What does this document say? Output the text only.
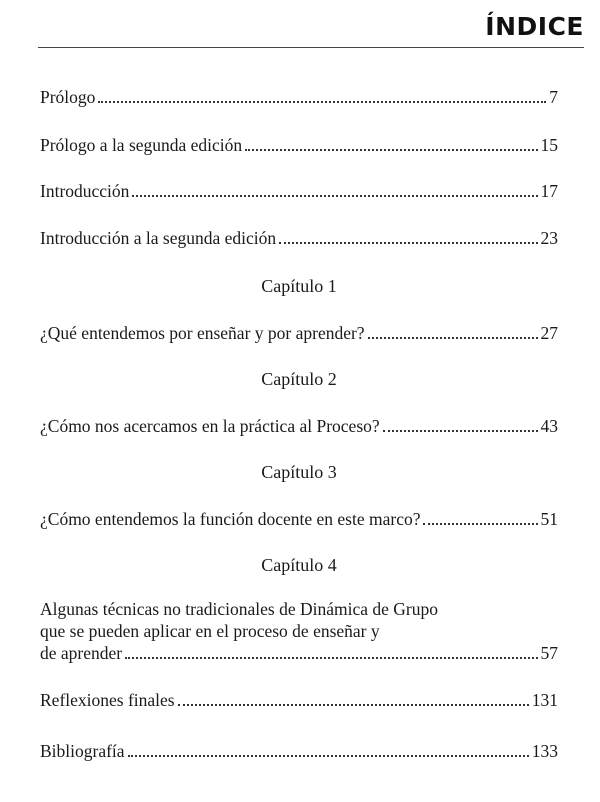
ÍNDICE
Prólogo	7
Prólogo a la segunda edición	15
Introducción	17
Introducción a la segunda edición	23
Capítulo 1
¿Qué entendemos por enseñar y por aprender?	27
Capítulo 2
¿Cómo nos acercamos en la práctica al Proceso?	43
Capítulo 3
¿Cómo entendemos la función docente en este marco?	51
Capítulo 4
Algunas técnicas no tradicionales de Dinámica de Grupo
que se pueden aplicar en el proceso de enseñar y
de aprender	57
Reflexiones finales	131
Bibliografía	133
